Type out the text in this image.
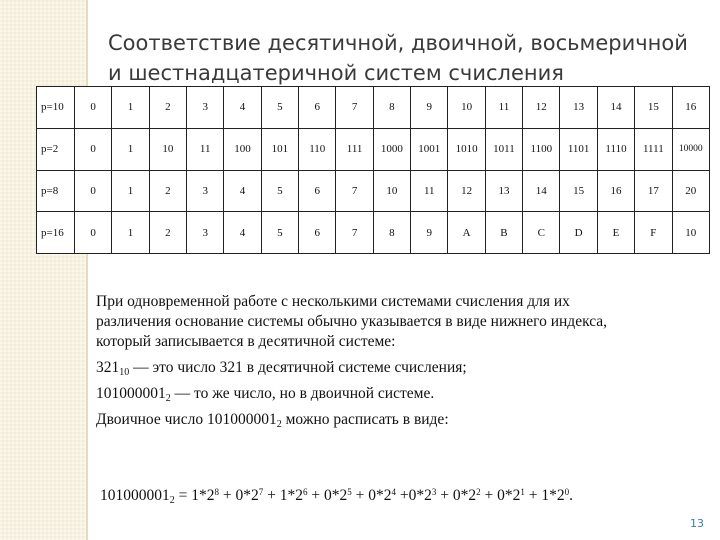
Соответствие десятичной, двоичной, восьмеричной
и шестнадцатеричной систем счисления
p=10	0	1	2	3	4	5	6	7	8	9	10	11	12	13	14	15	16
p=2	0	1	10	11	100	101	110	111	1000	1001	1010	1011	1100	1101	1110	1111	10000
p=8	0	1	2	3	4	5	6	7	10	11	12	13	14	15	16	17	20
p=16	0	1	2	3	4	5	6	7	8	9	A	B	C	D	E	F	10
При одновременной работе с несколькими системами счисления для их
различения основание системы обычно указывается в виде нижнего индекса,
который записывается в десятичной системе:
$321_{10}$ — это число 321 в десятичной системе счисления;
$101000001_2$ — то же число, но в двоичной системе.
Двоичное число $101000001_2$ можно расписать в виде:
$101000001_2 = 1*2^8 + 0*2^7 + 1*2^6 + 0*2^5 + 0*2^4 +0*2^3 + 0*2^2 + 0*2^1 + 1*2^0$.
13
